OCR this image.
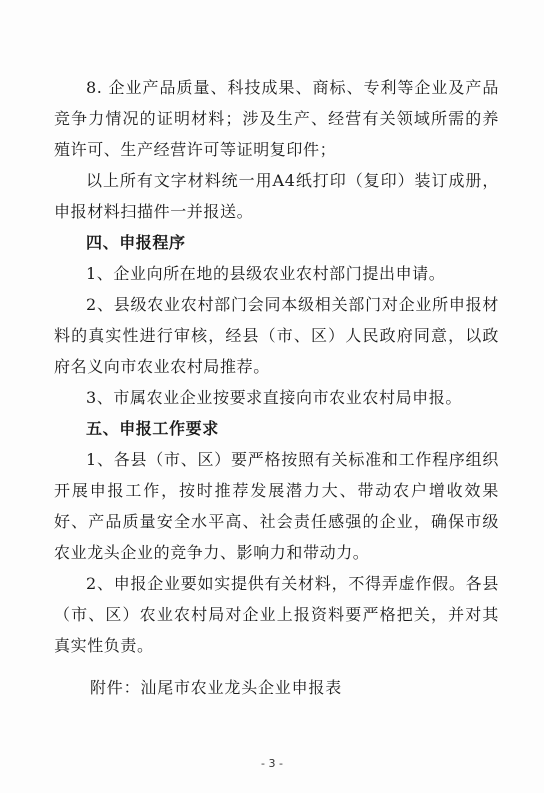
8. 企业产品质量、科技成果、商标、专利等企业及产品竞争力情况的证明材料；涉及生产、经营有关领域所需的养殖许可、生产经营许可等证明复印件；

以上所有文字材料统一用A4纸打印（复印）装订成册，申报材料扫描件一并报送。

四、申报程序

1、企业向所在地的县级农业农村部门提出申请。

2、县级农业农村部门会同本级相关部门对企业所申报材料的真实性进行审核，经县（市、区）人民政府同意，以政府名义向市农业农村局推荐。

3、市属农业企业按要求直接向市农业农村局申报。

五、申报工作要求

1、各县（市、区）要严格按照有关标准和工作程序组织开展申报工作，按时推荐发展潜力大、带动农户增收效果好、产品质量安全水平高、社会责任感强的企业，确保市级农业龙头企业的竞争力、影响力和带动力。

2、申报企业要如实提供有关材料，不得弄虚作假。各县（市、区）农业农村局对企业上报资料要严格把关，并对其真实性负责。

附件：汕尾市农业龙头企业申报表
- 3 -
